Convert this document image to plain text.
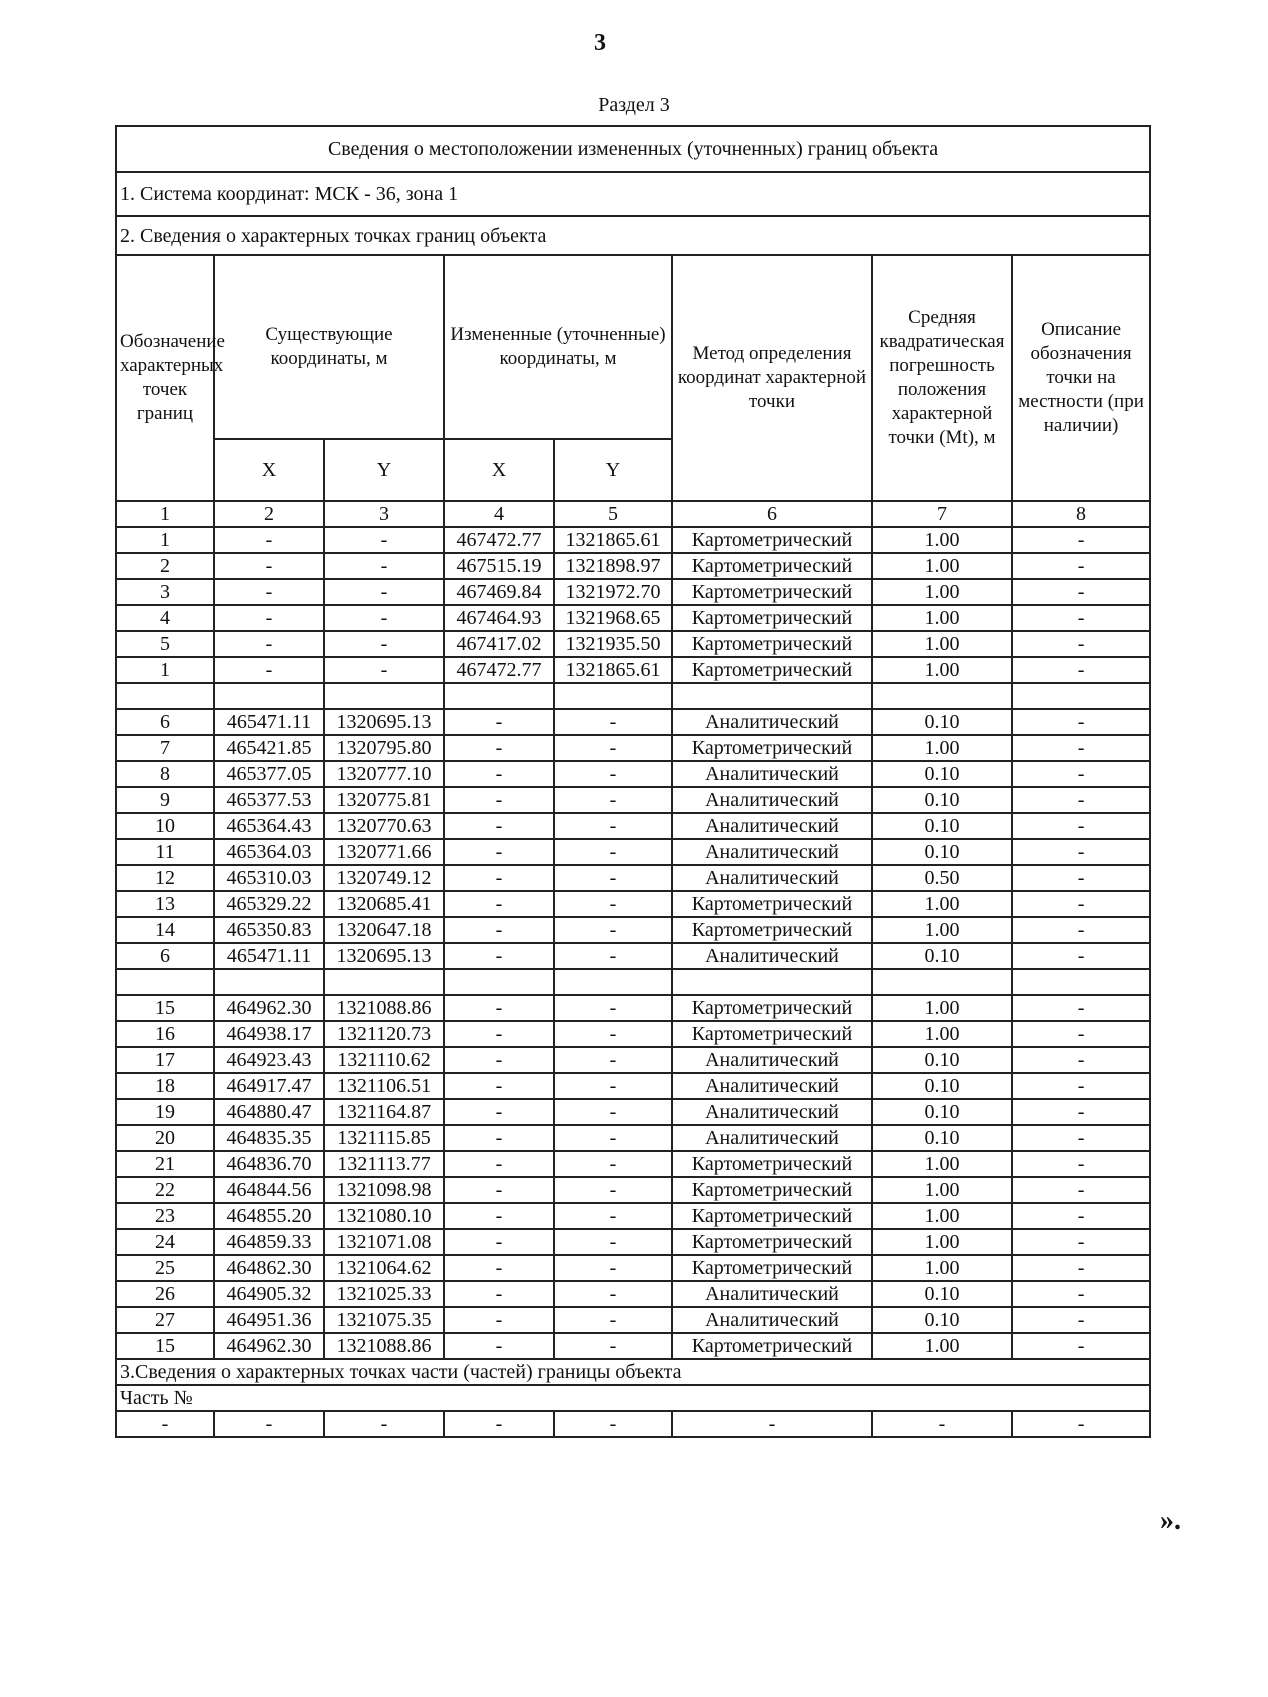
3
Раздел 3
Сведения о местоположении измененных (уточненных) границ объекта							
1. Система координат: МСК - 36, зона 1							
2. Сведения о характерных точках границ объекта							
Обозначение характерных точек границ	Существующие координаты, м		Измененные (уточненные) координаты, м		Метод определения координат характерной точки	Средняя квадратическая погрешность положения характерной точки (Mt), м	Описание обозначения точки на местности (при наличии)
	X	Y	X	Y			
1	2	3	4	5	6	7	8
1	-	-	467472.77	1321865.61	Картометрический	1.00	-
2	-	-	467515.19	1321898.97	Картометрический	1.00	-
3	-	-	467469.84	1321972.70	Картометрический	1.00	-
4	-	-	467464.93	1321968.65	Картометрический	1.00	-
5	-	-	467417.02	1321935.50	Картометрический	1.00	-
1	-	-	467472.77	1321865.61	Картометрический	1.00	-

6	465471.11	1320695.13	-	-	Аналитический	0.10	-
7	465421.85	1320795.80	-	-	Картометрический	1.00	-
8	465377.05	1320777.10	-	-	Аналитический	0.10	-
9	465377.53	1320775.81	-	-	Аналитический	0.10	-
10	465364.43	1320770.63	-	-	Аналитический	0.10	-
11	465364.03	1320771.66	-	-	Аналитический	0.10	-
12	465310.03	1320749.12	-	-	Аналитический	0.50	-
13	465329.22	1320685.41	-	-	Картометрический	1.00	-
14	465350.83	1320647.18	-	-	Картометрический	1.00	-
6	465471.11	1320695.13	-	-	Аналитический	0.10	-

15	464962.30	1321088.86	-	-	Картометрический	1.00	-
16	464938.17	1321120.73	-	-	Картометрический	1.00	-
17	464923.43	1321110.62	-	-	Аналитический	0.10	-
18	464917.47	1321106.51	-	-	Аналитический	0.10	-
19	464880.47	1321164.87	-	-	Аналитический	0.10	-
20	464835.35	1321115.85	-	-	Аналитический	0.10	-
21	464836.70	1321113.77	-	-	Картометрический	1.00	-
22	464844.56	1321098.98	-	-	Картометрический	1.00	-
23	464855.20	1321080.10	-	-	Картометрический	1.00	-
24	464859.33	1321071.08	-	-	Картометрический	1.00	-
25	464862.30	1321064.62	-	-	Картометрический	1.00	-
26	464905.32	1321025.33	-	-	Аналитический	0.10	-
27	464951.36	1321075.35	-	-	Аналитический	0.10	-
15	464962.30	1321088.86	-	-	Картометрический	1.00	-
3.Сведения о характерных точках части (частей) границы объекта							
Часть №							
-	-	-	-	-	-	-	-
».
